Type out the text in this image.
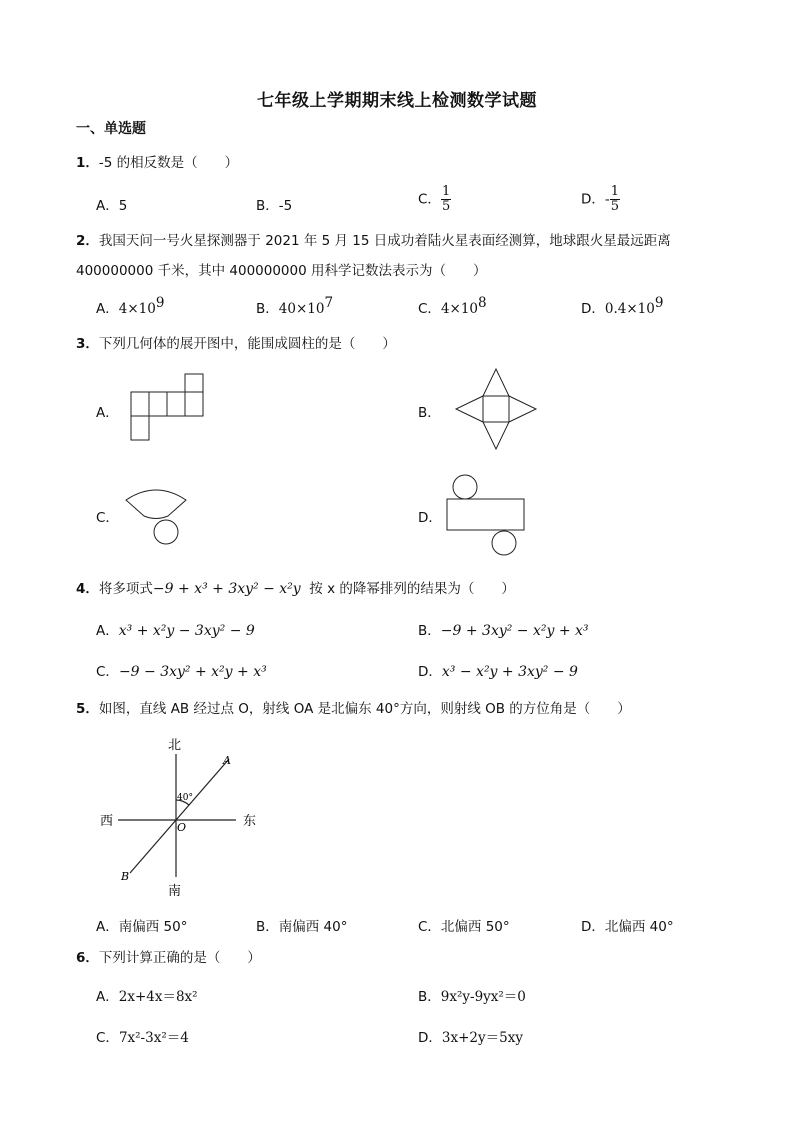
七年级上学期期末线上检测数学试题
一、单选题
1．-5 的相反数是（　　）
A．5	B．-5	C． $\frac{1}{5}$	D．- $\frac{1}{5}$
2．我国天问一号火星探测器于 2021 年 5 月 15 日成功着陆火星表面经测算，地球跟火星最远距离
400000000 千米，其中 400000000 用科学记数法表示为（　　）
A．$4\times 10^9$	B．$40\times 10^7$	C．$4\times 10^8$	D．$0.4\times 10^9$
3．下列几何体的展开图中，能围成圆柱的是（　　）
A．	B．
C．	D．
4．将多项式−9 + x³ + 3xy² − x²y 按 x 的降幂排列的结果为（　　）
A．x³ + x²y − 3xy² − 9	B．−9 + 3xy² − x²y + x³
C．−9 − 3xy² + x²y + x³	D．x³ − x²y + 3xy² − 9
5．如图，直线 AB 经过点 O，射线 OA 是北偏东 40°方向，则射线 OB 的方位角是（　　）
北
南
西	东
A
B
O
40°
A．南偏西 50°	B．南偏西 40°	C．北偏西 50°	D．北偏西 40°
6．下列计算正确的是（　　）
A．2x+4x＝8x²	B．9x²y-9yx²＝0
C．7x²-3x²＝4	D．3x+2y＝5xy
